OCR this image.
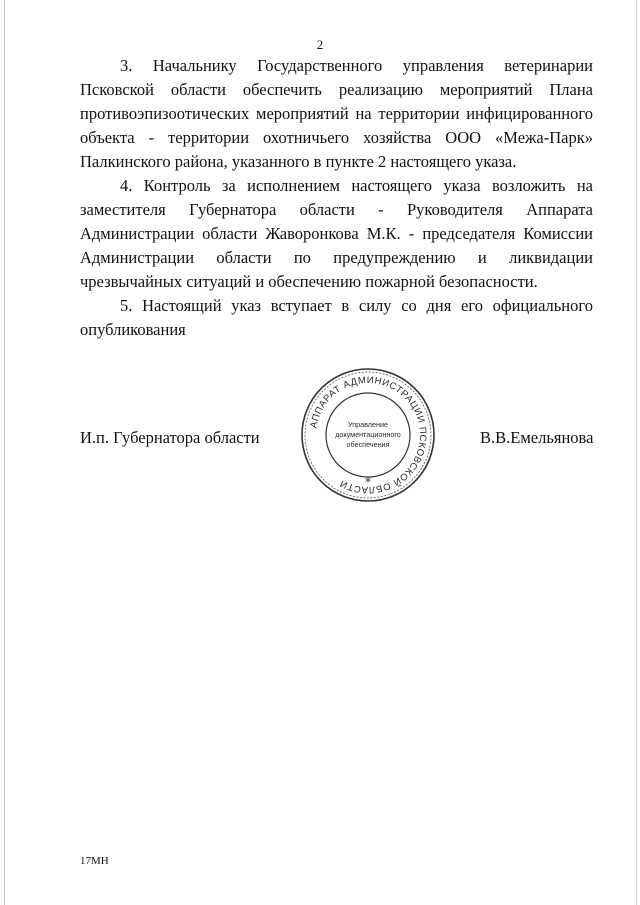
2

3. Начальнику Государственного управления ветеринарии Псковской области обеспечить реализацию мероприятий Плана противоэпизоотических мероприятий на территории инфицированного объекта - территории охотничьего хозяйства ООО «Межа-Парк» Палкинского района, указанного в пункте 2 настоящего указа.

4. Контроль за исполнением настоящего указа возложить на заместителя Губернатора области - Руководителя Аппарата Администрации области Жаворонкова М.К. - председателя Комиссии Администрации области по предупреждению и ликвидации чрезвычайных ситуаций и обеспечению пожарной безопасности.

5. Настоящий указ вступает в силу со дня его официального опубликования

И.п. Губернатора области	В.В.Емельянова
АППАРАТ АДМИНИСТРАЦИИ ПСКОВСКОЙ ОБЛАСТИ
Управление
документационного
обеспечения
*
17МН
